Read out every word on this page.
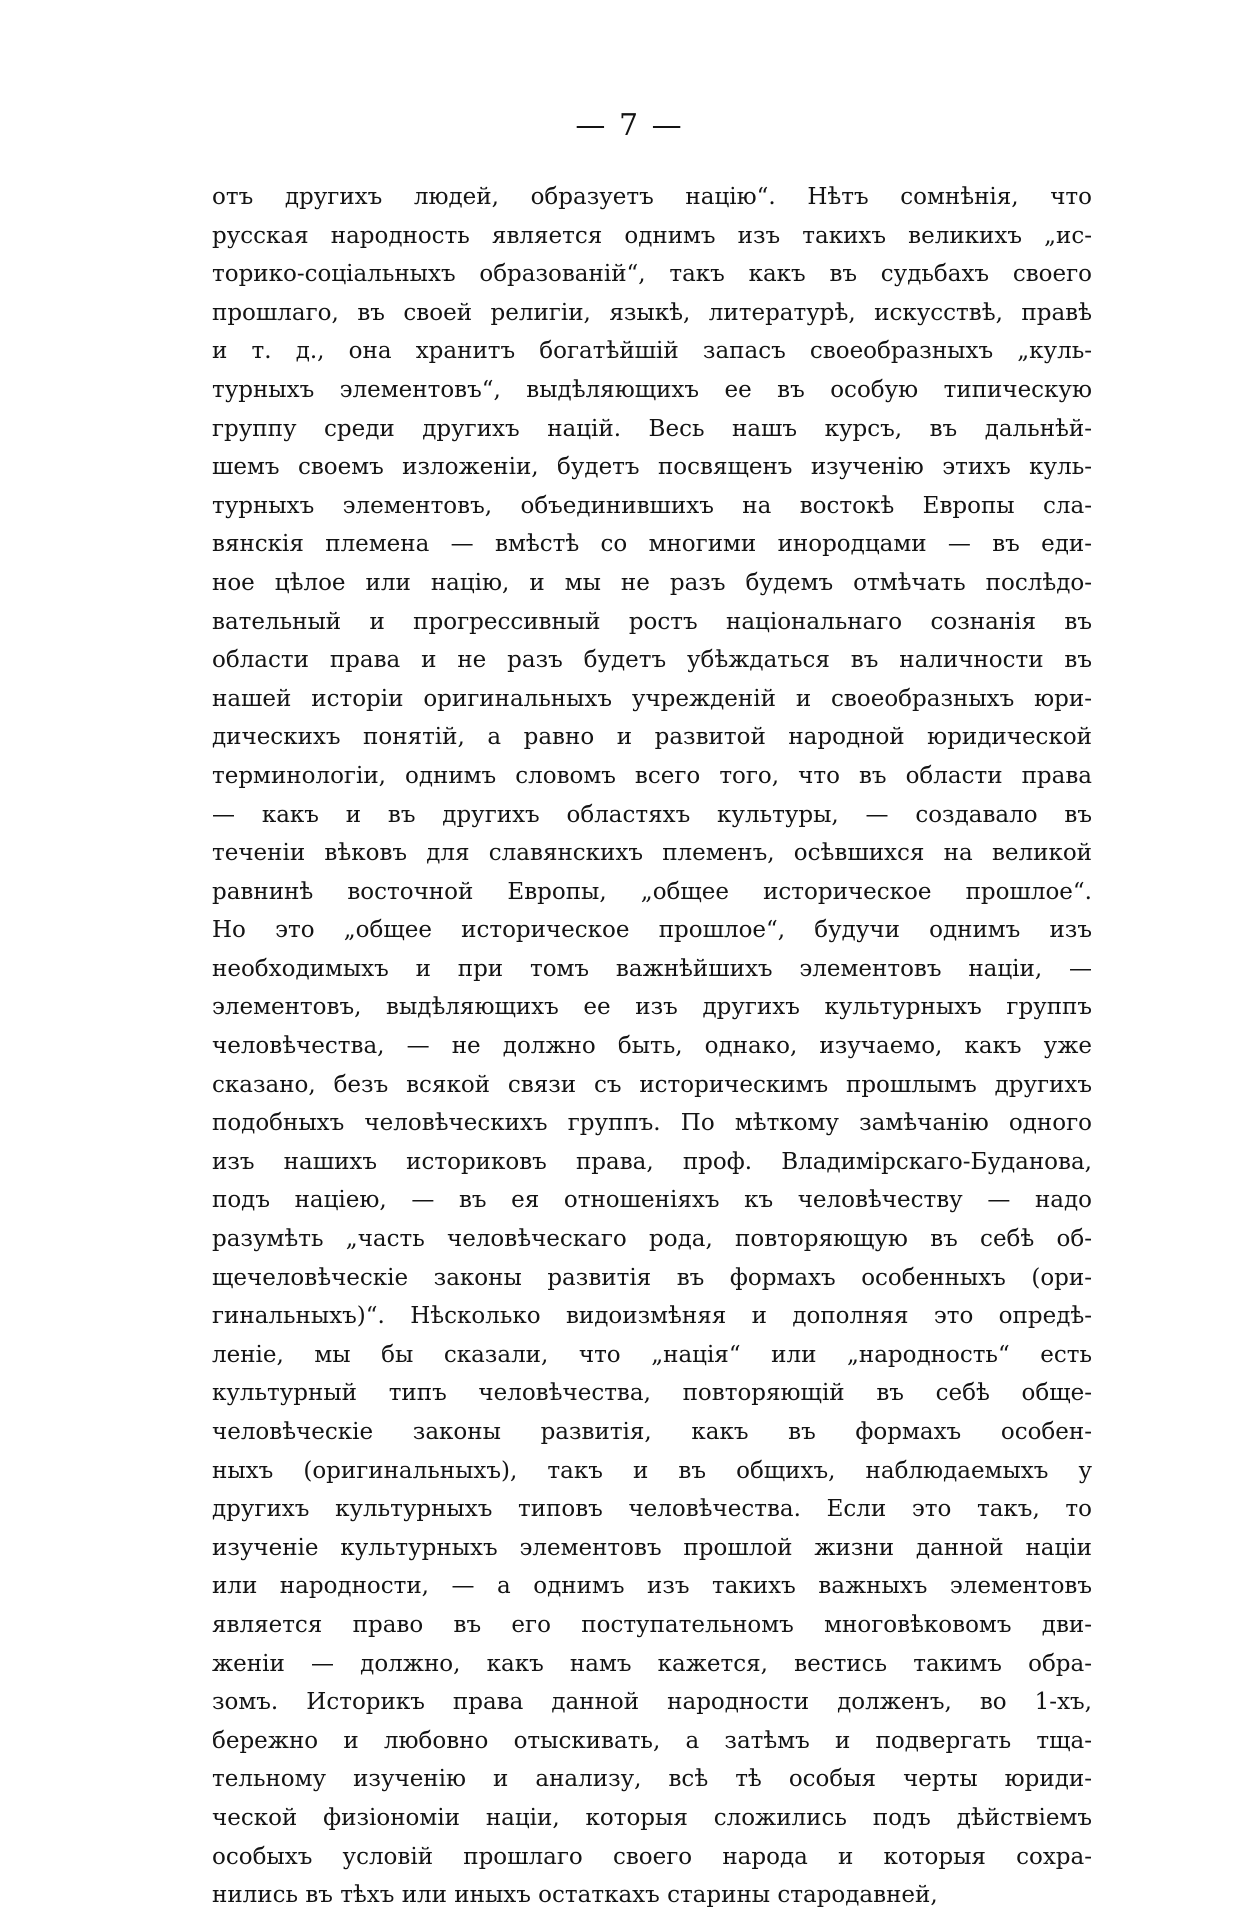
— 7 —
отъ другихъ людей, образуетъ націю“. Нѣтъ сомнѣнія, что
русская народность является однимъ изъ такихъ великихъ „ис-
торико-соціальныхъ образованій“, такъ какъ въ судьбахъ своего
прошлаго, въ своей религіи, языкѣ, литературѣ, искусствѣ, правѣ
и т. д., она хранитъ богатѣйшій запасъ своеобразныхъ „куль-
турныхъ элементовъ“, выдѣляющихъ ее въ особую типическую
группу среди другихъ націй. Весь нашъ курсъ, въ дальнѣй-
шемъ своемъ изложеніи, будетъ посвященъ изученію этихъ куль-
турныхъ элементовъ, объединившихъ на востокѣ Европы сла-
вянскія племена — вмѣстѣ со многими инородцами — въ еди-
ное цѣлое или націю, и мы не разъ будемъ отмѣчать послѣдо-
вательный и прогрессивный ростъ національнаго сознанія въ
области права и не разъ будетъ убѣждаться въ наличности въ
нашей исторіи оригинальныхъ учрежденій и своеобразныхъ юри-
дическихъ понятій, а равно и развитой народной юридической
терминологіи, однимъ словомъ всего того, что въ области права
— какъ и въ другихъ областяхъ культуры, — создавало въ
теченіи вѣковъ для славянскихъ племенъ, осѣвшихся на великой
равнинѣ восточной Европы, „общее историческое прошлое“.
Но это „общее историческое прошлое“, будучи однимъ изъ
необходимыхъ и при томъ важнѣйшихъ элементовъ націи, —
элементовъ, выдѣляющихъ ее изъ другихъ культурныхъ группъ
человѣчества, — не должно быть, однако, изучаемо, какъ уже
сказано, безъ всякой связи съ историческимъ прошлымъ другихъ
подобныхъ человѣческихъ группъ. По мѣткому замѣчанію одного
изъ нашихъ историковъ права, проф. Владимірскаго-Буданова,
подъ націею, — въ ея отношеніяхъ къ человѣчеству — надо
разумѣть „часть человѣческаго рода, повторяющую въ себѣ об-
щечеловѣческіе законы развитія въ формахъ особенныхъ (ори-
гинальныхъ)“. Нѣсколько видоизмѣняя и дополняя это опредѣ-
леніе, мы бы сказали, что „нація“ или „народность“ есть
культурный типъ человѣчества, повторяющій въ себѣ обще-
человѣческіе законы развитія, какъ въ формахъ особен-
ныхъ (оригинальныхъ), такъ и въ общихъ, наблюдаемыхъ у
другихъ культурныхъ типовъ человѣчества. Если это такъ, то
изученіе культурныхъ элементовъ прошлой жизни данной націи
или народности, — а однимъ изъ такихъ важныхъ элементовъ
является право въ его поступательномъ многовѣковомъ дви-
женіи — должно, какъ намъ кажется, вестись такимъ обра-
зомъ. Историкъ права данной народности долженъ, во 1-хъ,
бережно и любовно отыскивать, а затѣмъ и подвергать тща-
тельному изученію и анализу, всѣ тѣ особыя черты юриди-
ческой физіономіи націи, которыя сложились подъ дѣйствіемъ
особыхъ условій прошлаго своего народа и которыя сохра-
нились въ тѣхъ или иныхъ остаткахъ старины стародавней,
